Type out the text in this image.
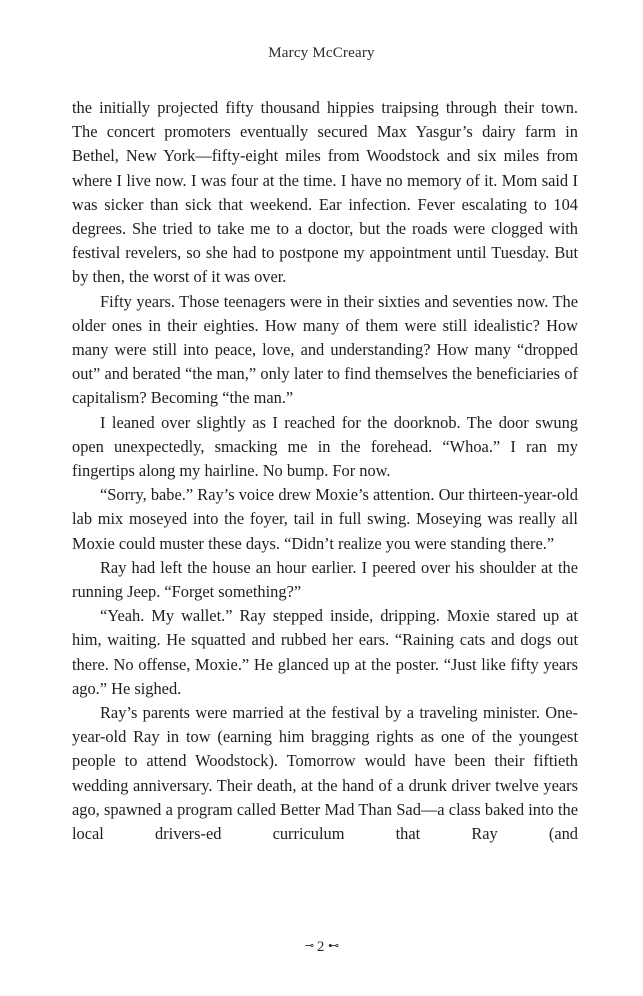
Marcy McCreary

the initially projected fifty thousand hippies traipsing through their town. The concert promoters eventually secured Max Yasgur’s dairy farm in Bethel, New York—fifty-eight miles from Woodstock and six miles from where I live now. I was four at the time. I have no memory of it. Mom said I was sicker than sick that weekend. Ear infection. Fever escalating to 104 degrees. She tried to take me to a doctor, but the roads were clogged with festival revelers, so she had to postpone my appointment until Tuesday. But by then, the worst of it was over.

Fifty years. Those teenagers were in their sixties and seventies now. The older ones in their eighties. How many of them were still idealistic? How many were still into peace, love, and understanding? How many “dropped out” and berated “the man,” only later to find themselves the beneficiaries of capitalism? Becoming “the man.”

I leaned over slightly as I reached for the doorknob. The door swung open unexpectedly, smacking me in the forehead. “Whoa.” I ran my fingertips along my hairline. No bump. For now.

“Sorry, babe.” Ray’s voice drew Moxie’s attention. Our thirteen-year-old lab mix moseyed into the foyer, tail in full swing. Moseying was really all Moxie could muster these days. “Didn’t realize you were standing there.”

Ray had left the house an hour earlier. I peered over his shoulder at the running Jeep. “Forget something?”

“Yeah. My wallet.” Ray stepped inside, dripping. Moxie stared up at him, waiting. He squatted and rubbed her ears. “Raining cats and dogs out there. No offense, Moxie.” He glanced up at the poster. “Just like fifty years ago.” He sighed.

Ray’s parents were married at the festival by a traveling minister. One-year-old Ray in tow (earning him bragging rights as one of the youngest people to attend Woodstock). Tomorrow would have been their fiftieth wedding anniversary. Their death, at the hand of a drunk driver twelve years ago, spawned a program called Better Mad Than Sad—a class baked into the local drivers-ed curriculum that Ray (and

⊸ 2 ⊷
